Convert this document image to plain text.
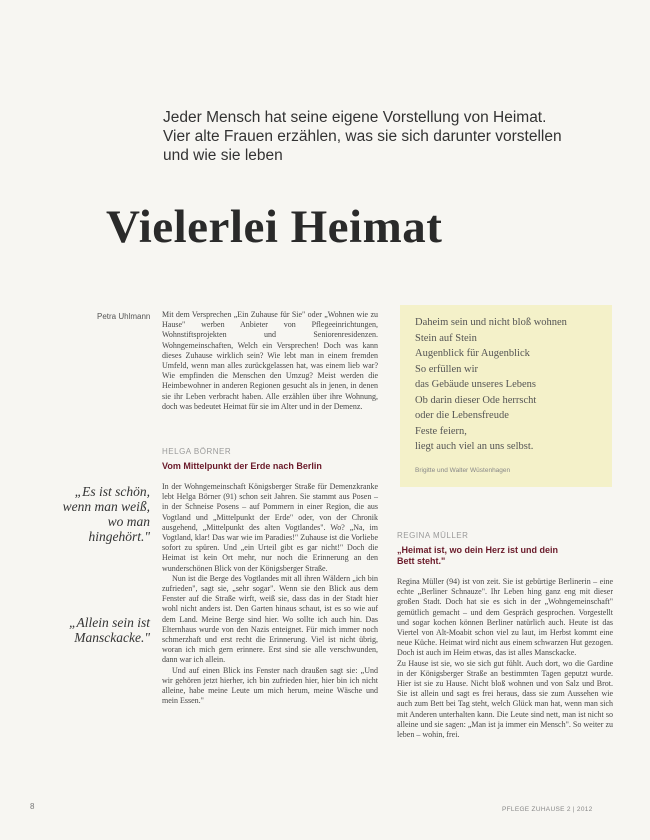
Jeder Mensch hat seine eigene Vorstellung von Heimat.
Vier alte Frauen erzählen, was sie sich darunter vorstellen
und wie sie leben
Vielerlei Heimat
Petra Uhlmann Mit dem Versprechen „Ein Zuhause für Sie" oder „Wohnen wie zu Hause" werben Anbieter von Pflegeeinrichtungen, Wohnstiftsprojekten und Seniorenresidenzen. Wohngemeinschaften, Welch ein Versprechen! Doch was kann dieses Zuhause wirklich sein? Wie lebt man in einem fremden Umfeld, wenn man alles zurückgelassen hat, was einem lieb war? Wie empfinden die Menschen den Umzug? Meist werden die Heimbewohner in anderen Regionen gesucht als in jenen, in denen sie ihr Leben verbracht haben. Alle erzählen über ihre Wohnung, doch was bedeutet Heimat für sie im Alter und in der Demenz.

HELGA BÖRNER
Vom Mittelpunkt der Erde nach Berlin

In der Wohngemeinschaft Königsberger Straße für Demenzkranke lebt Helga Börner (91) schon seit Jahren. Sie stammt aus Posen – in der Schneise Posens – auf Pommern in einer Region, die aus Vogtland und „Mittelpunkt der Erde" oder, von der Chronik ausgehend, „Mittelpunkt des alten Vogtlandes". Wo? „Na, im Vogtland, klar! Das war wie im Paradies!" Zuhause ist die Vorliebe sofort zu spüren. Und „ein Urteil gibt es gar nicht!" Doch die Heimat ist kein Ort mehr, nur noch die Erinnerung an den wunderschönen Blick von der Königsberger Straße.

Nun ist die Berge des Vogtlandes mit all ihren Wäldern „ich bin zufrieden", sagt sie, „sehr sogar". Wenn sie den Blick aus dem Fenster auf die Straße wirft, weiß sie, dass das in der Stadt hier wohl nicht anders ist. Den Garten hinaus schaut, ist es so wie auf dem Land. Meine Berge sind hier. Wo sollte ich auch hin. Das Elternhaus wurde von den Nazis enteignet. Für mich immer noch schmerzhaft und erst recht die Erinnerung. Viel ist nicht übrig, woran ich mich gern erinnere. Erst sind sie alle verschwunden, dann war ich allein.

Und auf einen Blick ins Fenster nach draußen sagt sie: „Und wir gehören jetzt hierher, ich bin zufrieden hier, hier bin ich nicht alleine, habe meine Leute um mich herum, meine Wäsche und mein Essen."

„Es ist schön, wenn man weiß, wo man hingehört."
„Allein sein ist Mansckacke."
Daheim sein und nicht bloß wohnen
Stein auf Stein
Augenblick für Augenblick
So erfüllen wir
das Gebäude unseres Lebens
Ob darin dieser Ode herrscht
oder die Lebensfreude
Feste feiern,
liegt auch viel an uns selbst.
Brigitte und Walter Wüstenhagen
REGINA MÜLLER
„Heimat ist, wo dein Herz ist und dein Bett steht."

Regina Müller (94) ist von zeit. Sie ist gebürtige Berlinerin – eine echte „Berliner Schnauze". Ihr Leben hing ganz eng mit dieser großen Stadt. Doch hat sie es sich in der „Wohngemeinschaft" gemütlich gemacht – und dem Gespräch gesprochen. Vorgestellt und sogar kochen können Berliner natürlich auch. Heute ist das Viertel von Alt-Moabit schon viel zu laut, im Herbst kommt eine neue Küche. Heimat wird nicht aus einem schwarzen Hut gezogen. Doch ist auch im Heim etwas, das ist alles Mansckacke.

Zu Hause ist sie, wo sie sich gut fühlt. Auch dort, wo die Gardine in der Königsberger Straße an bestimmten Tagen geputzt wurde. Hier ist sie zu Hause. Nicht bloß wohnen und von Salz und Brot. Sie ist allein und sagt es frei heraus, dass sie zum Aussehen wie auch zum Bett bei Tag steht, welch Glück man hat, wenn man sich mit Anderen unterhalten kann. Die Leute sind nett, man ist nicht so alleine und sie sagen: „Man ist ja immer ein Mensch". So weiter zu leben – wohin, frei.

8	PFLEGE ZUHAUSE 2 | 2012
